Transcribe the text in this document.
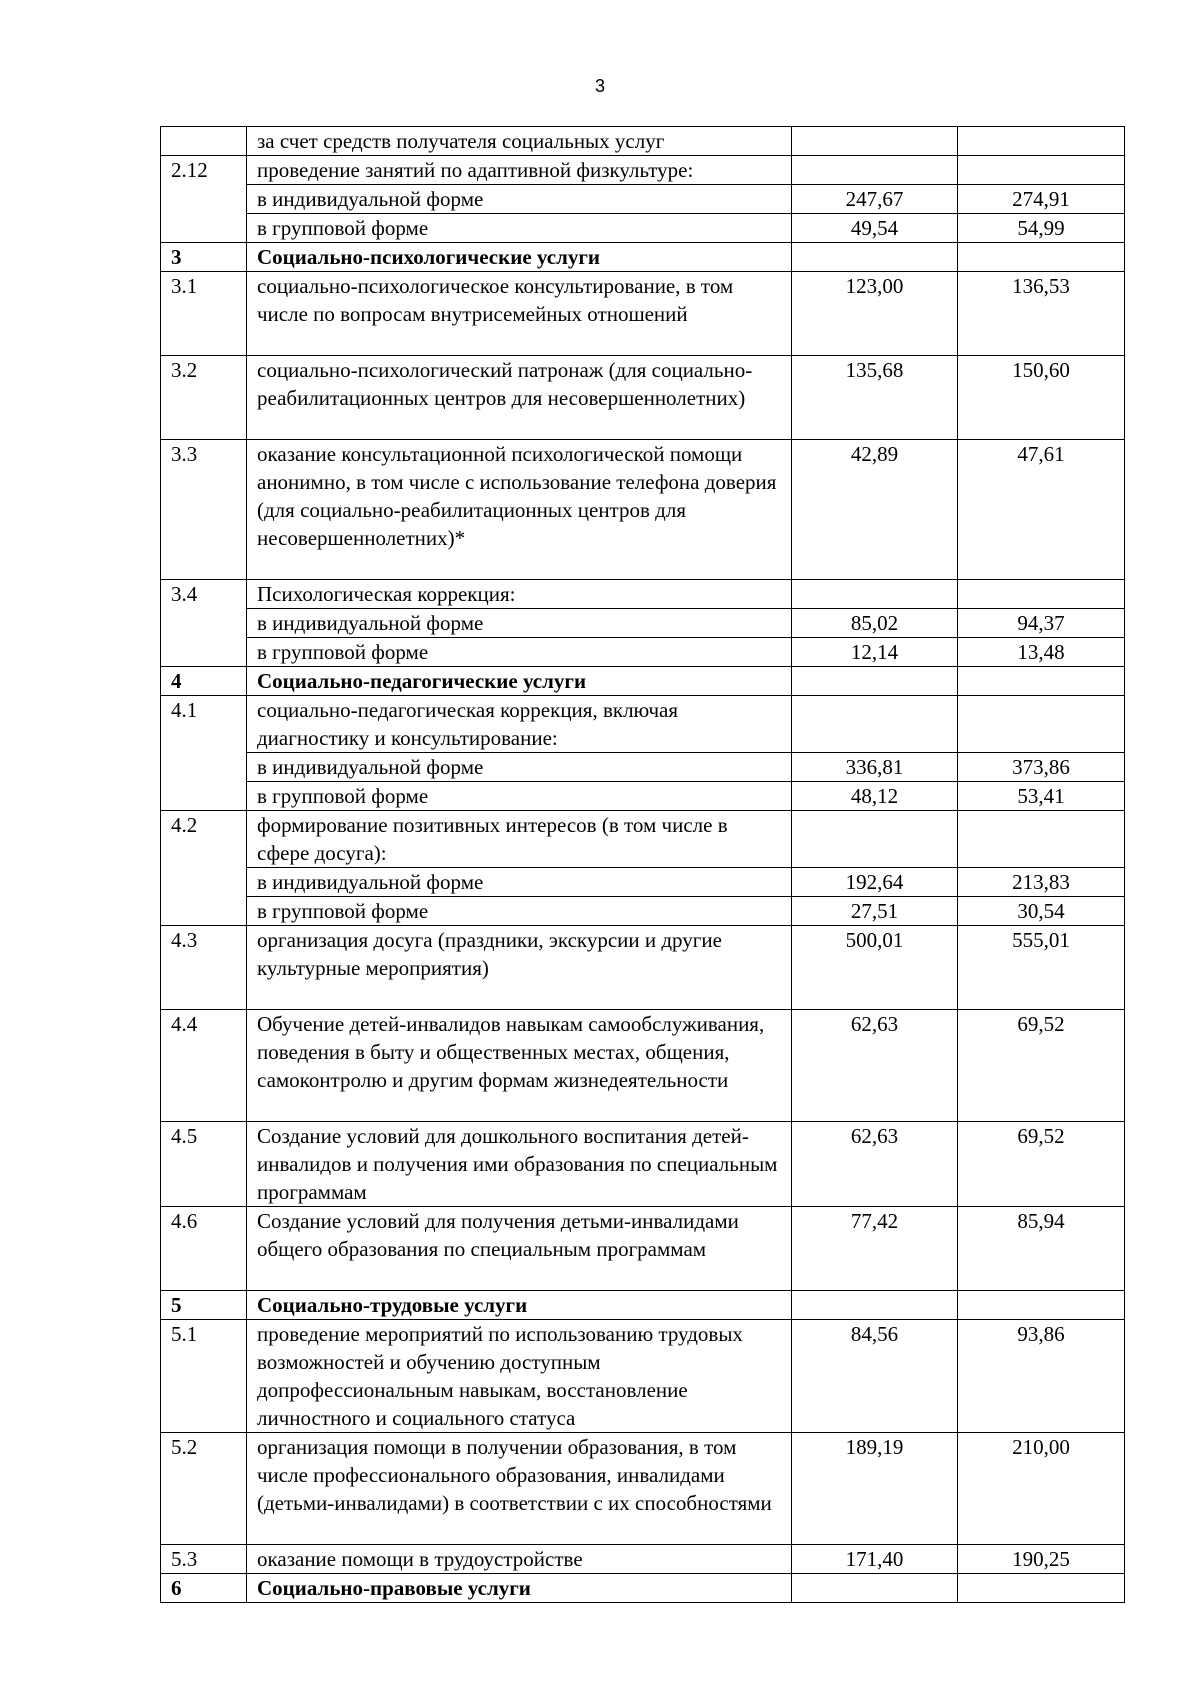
3
	за счет средств получателя социальных услуг		
2.12	проведение занятий по адаптивной физкультуре:		
	в индивидуальной форме	247,67	274,91
	в групповой форме	49,54	54,99
3	Социально-психологические услуги		
3.1	социально-психологическое консультирование, в том числе по вопросам внутрисемейных отношений	123,00	136,53
3.2	социально-психологический патронаж (для социально-реабилитационных центров для несовершеннолетних)	135,68	150,60
3.3	оказание консультационной психологической помощи анонимно, в том числе с использование телефона доверия (для социально-реабилитационных центров для несовершеннолетних)*	42,89	47,61
3.4	Психологическая коррекция:		
	в индивидуальной форме	85,02	94,37
	в групповой форме	12,14	13,48
4	Социально-педагогические услуги		
4.1	социально-педагогическая коррекция, включая диагностику и консультирование:		
	в индивидуальной форме	336,81	373,86
	в групповой форме	48,12	53,41
4.2	формирование позитивных интересов (в том числе в сфере досуга):		
	в индивидуальной форме	192,64	213,83
	в групповой форме	27,51	30,54
4.3	организация досуга (праздники, экскурсии и другие культурные мероприятия)	500,01	555,01
4.4	Обучение детей-инвалидов навыкам самообслуживания, поведения в быту и общественных местах, общения, самоконтролю и другим формам жизнедеятельности	62,63	69,52
4.5	Создание условий для дошкольного воспитания детей-инвалидов и получения ими образования по специальным программам	62,63	69,52
4.6	Создание условий для получения детьми-инвалидами общего образования по специальным программам	77,42	85,94
5	Социально-трудовые услуги		
5.1	проведение мероприятий по использованию трудовых возможностей и обучению доступным допрофессиональным навыкам, восстановление личностного и социального статуса	84,56	93,86
5.2	организация помощи в получении образования, в том числе профессионального образования, инвалидами (детьми-инвалидами) в соответствии с их способностями	189,19	210,00
5.3	оказание помощи в трудоустройстве	171,40	190,25
6	Социально-правовые услуги		
